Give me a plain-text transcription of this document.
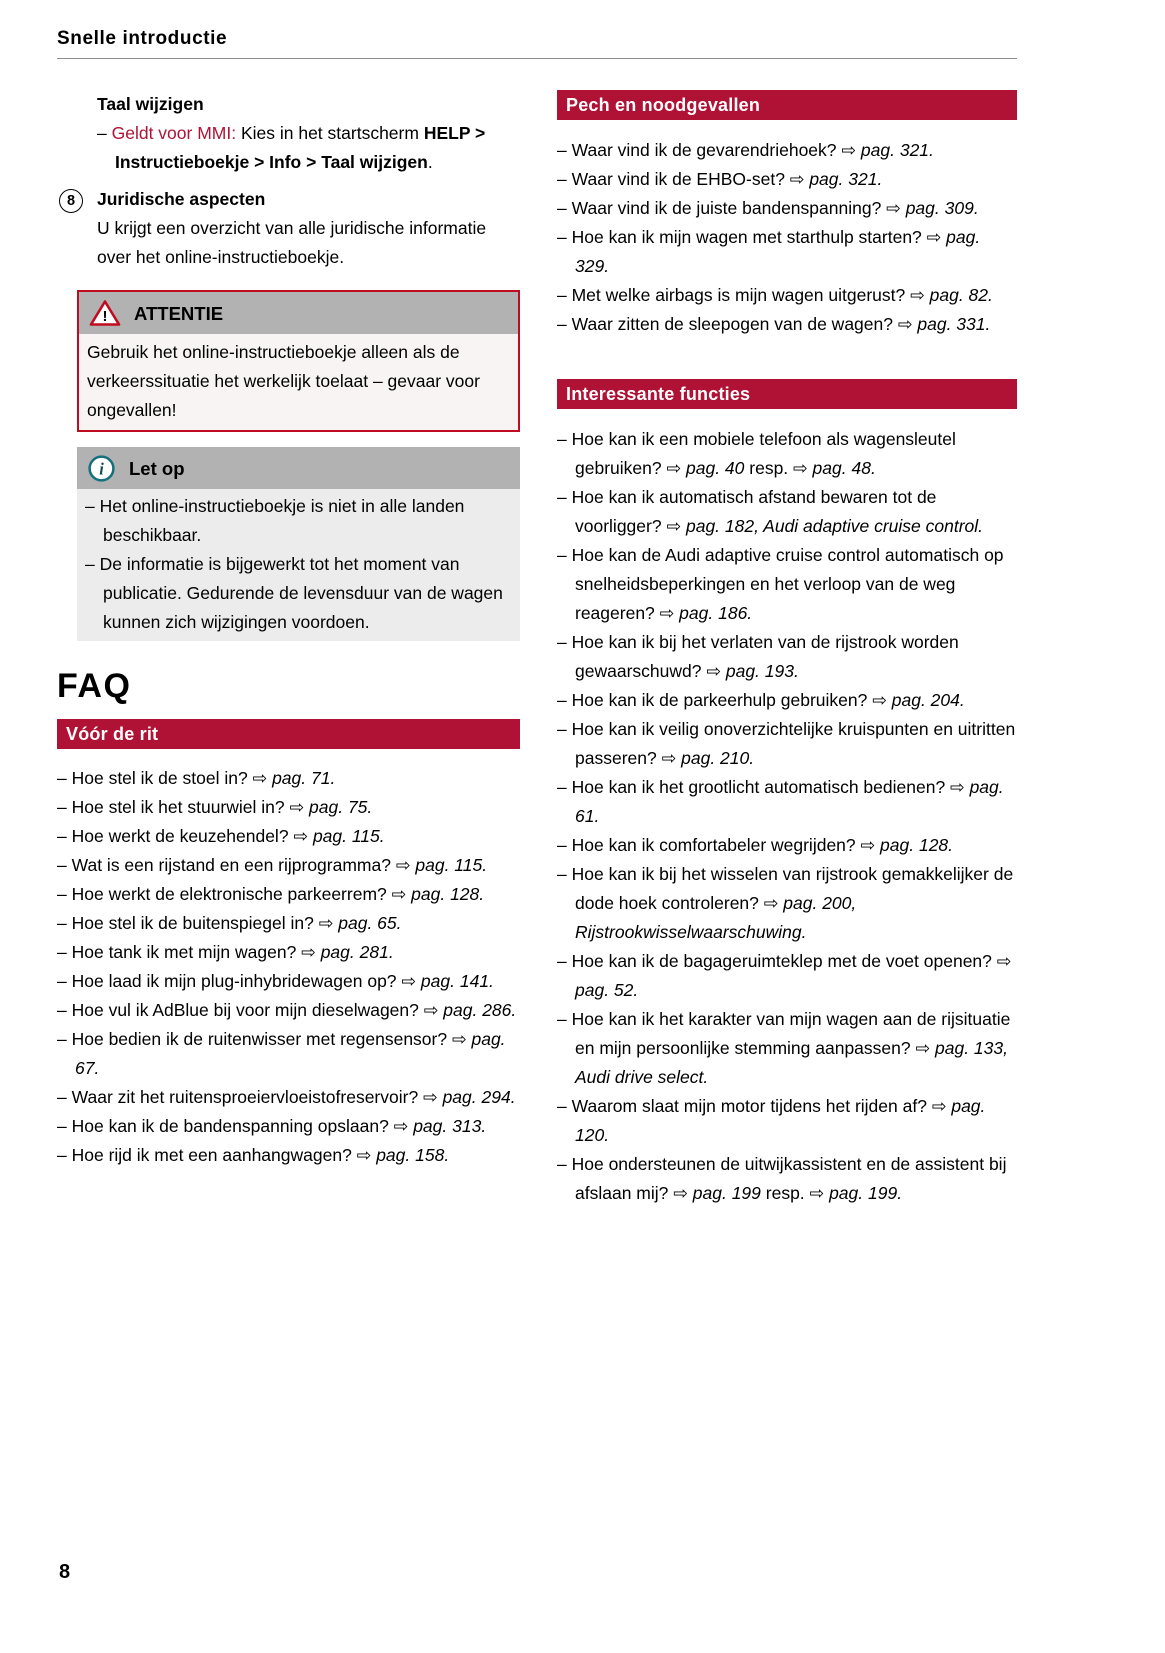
Snelle introductie
Taal wijzigen
– Geldt voor MMI: Kies in het startscherm HELP > Instructieboekje > Info > Taal wijzigen.
8	Juridische aspecten
U krijgt een overzicht van alle juridische informatie over het online-instructieboekje.
! ATTENTIE
Gebruik het online-instructieboekje alleen als de verkeerssituatie het werkelijk toelaat – gevaar voor ongevallen!
i Let op
– Het online-instructieboekje is niet in alle landen beschikbaar.
– De informatie is bijgewerkt tot het moment van publicatie. Gedurende de levensduur van de wagen kunnen zich wijzigingen voordoen.
FAQ
Vóór de rit
– Hoe stel ik de stoel in? ⇨ pag. 71.
– Hoe stel ik het stuurwiel in? ⇨ pag. 75.
– Hoe werkt de keuzehendel? ⇨ pag. 115.
– Wat is een rijstand en een rijprogramma? ⇨ pag. 115.
– Hoe werkt de elektronische parkeerrem? ⇨ pag. 128.
– Hoe stel ik de buitenspiegel in? ⇨ pag. 65.
– Hoe tank ik met mijn wagen? ⇨ pag. 281.
– Hoe laad ik mijn plug-inhybridewagen op? ⇨ pag. 141.
– Hoe vul ik AdBlue bij voor mijn dieselwagen? ⇨ pag. 286.
– Hoe bedien ik de ruitenwisser met regensensor? ⇨ pag. 67.
– Waar zit het ruitensproeiervloeistofreservoir? ⇨ pag. 294.
– Hoe kan ik de bandenspanning opslaan? ⇨ pag. 313.
– Hoe rijd ik met een aanhangwagen? ⇨ pag. 158.
Pech en noodgevallen
– Waar vind ik de gevarendriehoek? ⇨ pag. 321.
– Waar vind ik de EHBO-set? ⇨ pag. 321.
– Waar vind ik de juiste bandenspanning? ⇨ pag. 309.
– Hoe kan ik mijn wagen met starthulp starten? ⇨ pag. 329.
– Met welke airbags is mijn wagen uitgerust? ⇨ pag. 82.
– Waar zitten de sleepogen van de wagen? ⇨ pag. 331.
Interessante functies
– Hoe kan ik een mobiele telefoon als wagensleutel gebruiken? ⇨ pag. 40 resp. ⇨ pag. 48.
– Hoe kan ik automatisch afstand bewaren tot de voorligger? ⇨ pag. 182, Audi adaptive cruise control.
– Hoe kan de Audi adaptive cruise control automatisch op snelheidsbeperkingen en het verloop van de weg reageren? ⇨ pag. 186.
– Hoe kan ik bij het verlaten van de rijstrook worden gewaarschuwd? ⇨ pag. 193.
– Hoe kan ik de parkeerhulp gebruiken? ⇨ pag. 204.
– Hoe kan ik veilig onoverzichtelijke kruispunten en uitritten passeren? ⇨ pag. 210.
– Hoe kan ik het grootlicht automatisch bedienen? ⇨ pag. 61.
– Hoe kan ik comfortabeler wegrijden? ⇨ pag. 128.
– Hoe kan ik bij het wisselen van rijstrook gemakkelijker de dode hoek controleren? ⇨ pag. 200, Rijstrookwisselwaarschuwing.
– Hoe kan ik de bagageruimteklep met de voet openen? ⇨ pag. 52.
– Hoe kan ik het karakter van mijn wagen aan de rijsituatie en mijn persoonlijke stemming aanpassen? ⇨ pag. 133, Audi drive select.
– Waarom slaat mijn motor tijdens het rijden af? ⇨ pag. 120.
– Hoe ondersteunen de uitwijkassistent en de assistent bij afslaan mij? ⇨ pag. 199 resp. ⇨ pag. 199.
8
